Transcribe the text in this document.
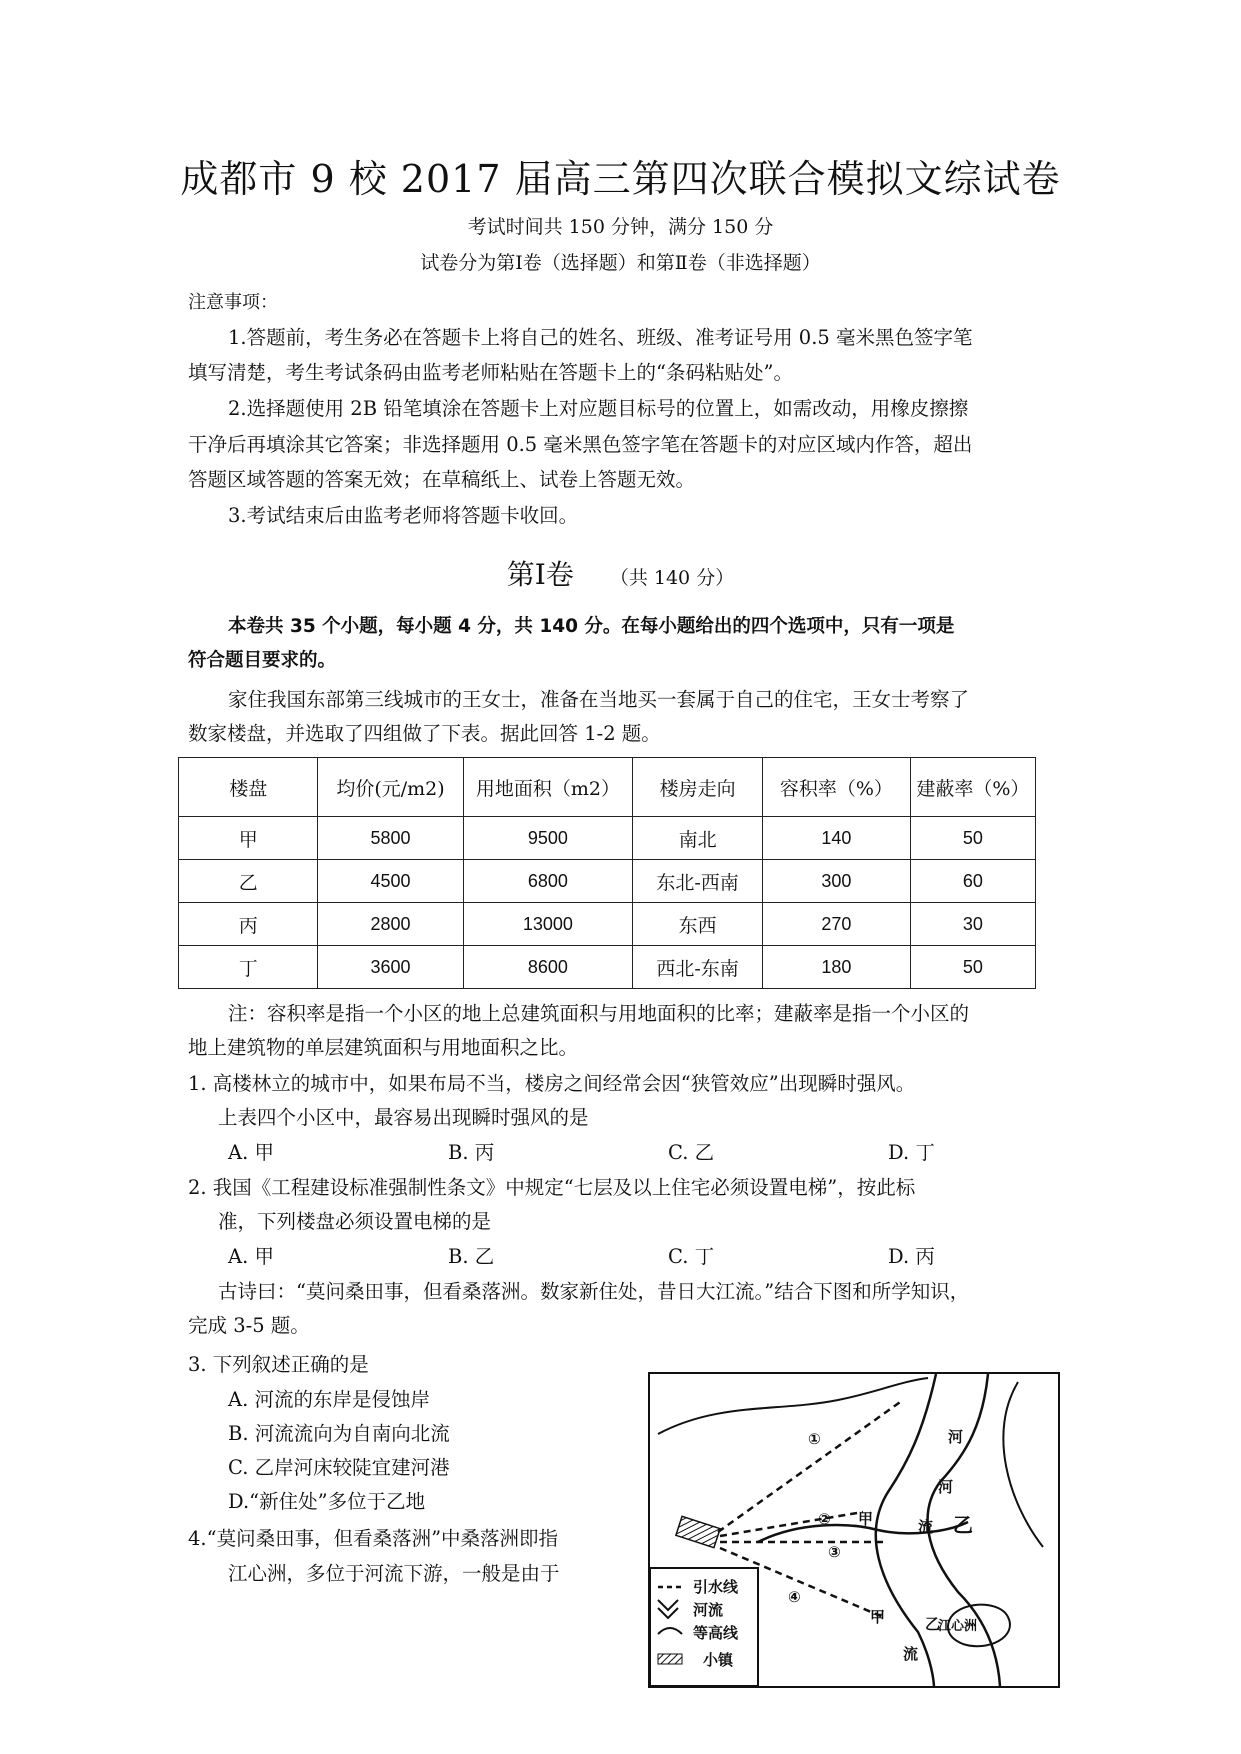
成都市 9 校 2017 届高三第四次联合模拟文综试卷
考试时间共 150 分钟，满分 150 分
试卷分为第Ⅰ卷（选择题）和第Ⅱ卷（非选择题）
注意事项：
1.答题前，考生务必在答题卡上将自己的姓名、班级、准考证号用 0.5 毫米黑色签字笔
填写清楚，考生考试条码由监考老师粘贴在答题卡上的“条码粘贴处”。
2.选择题使用 2B 铅笔填涂在答题卡上对应题目标号的位置上，如需改动，用橡皮擦擦
干净后再填涂其它答案；非选择题用 0.5 毫米黑色签字笔在答题卡的对应区域内作答，超出
答题区域答题的答案无效；在草稿纸上、试卷上答题无效。
3.考试结束后由监考老师将答题卡收回。
第Ⅰ卷 （共 140 分）
本卷共 35 个小题，每小题 4 分，共 140 分。在每小题给出的四个选项中，只有一项是
符合题目要求的。
家住我国东部第三线城市的王女士，准备在当地买一套属于自己的住宅，王女士考察了
数家楼盘，并选取了四组做了下表。据此回答 1-2 题。
楼盘	均价(元/m2)	用地面积（m2）	楼房走向	容积率（%）	建蔽率（%）
甲	5800	9500	南北	140	50
乙	4500	6800	东北-西南	300	60
丙	2800	13000	东西	270	30
丁	3600	8600	西北-东南	180	50
注：容积率是指一个小区的地上总建筑面积与用地面积的比率；建蔽率是指一个小区的
地上建筑物的单层建筑面积与用地面积之比。
1. 高楼林立的城市中，如果布局不当，楼房之间经常会因“狭管效应”出现瞬时强风。
上表四个小区中，最容易出现瞬时强风的是
A. 甲	B. 丙	C. 乙	D. 丁
2. 我国《工程建设标准强制性条文》中规定“七层及以上住宅必须设置电梯”，按此标
准，下列楼盘必须设置电梯的是
A. 甲	B. 乙	C. 丁	D. 丙
古诗曰：“莫问桑田事，但看桑落洲。数家新住处，昔日大江流。”结合下图和所学知识，
完成 3-5 题。
3. 下列叙述正确的是
A. 河流的东岸是侵蚀岸
B. 河流流向为自南向北流
C. 乙岸河床较陡宜建河港
D.“新住处”多位于乙地
4.“莫问桑田事，但看桑落洲”中桑落洲即指
江心洲，多位于河流下游，一般是由于
引水线
河流
等高线
小镇
河
河
甲	流 乙
甲	乙
流
江心洲
①
②
③
④
